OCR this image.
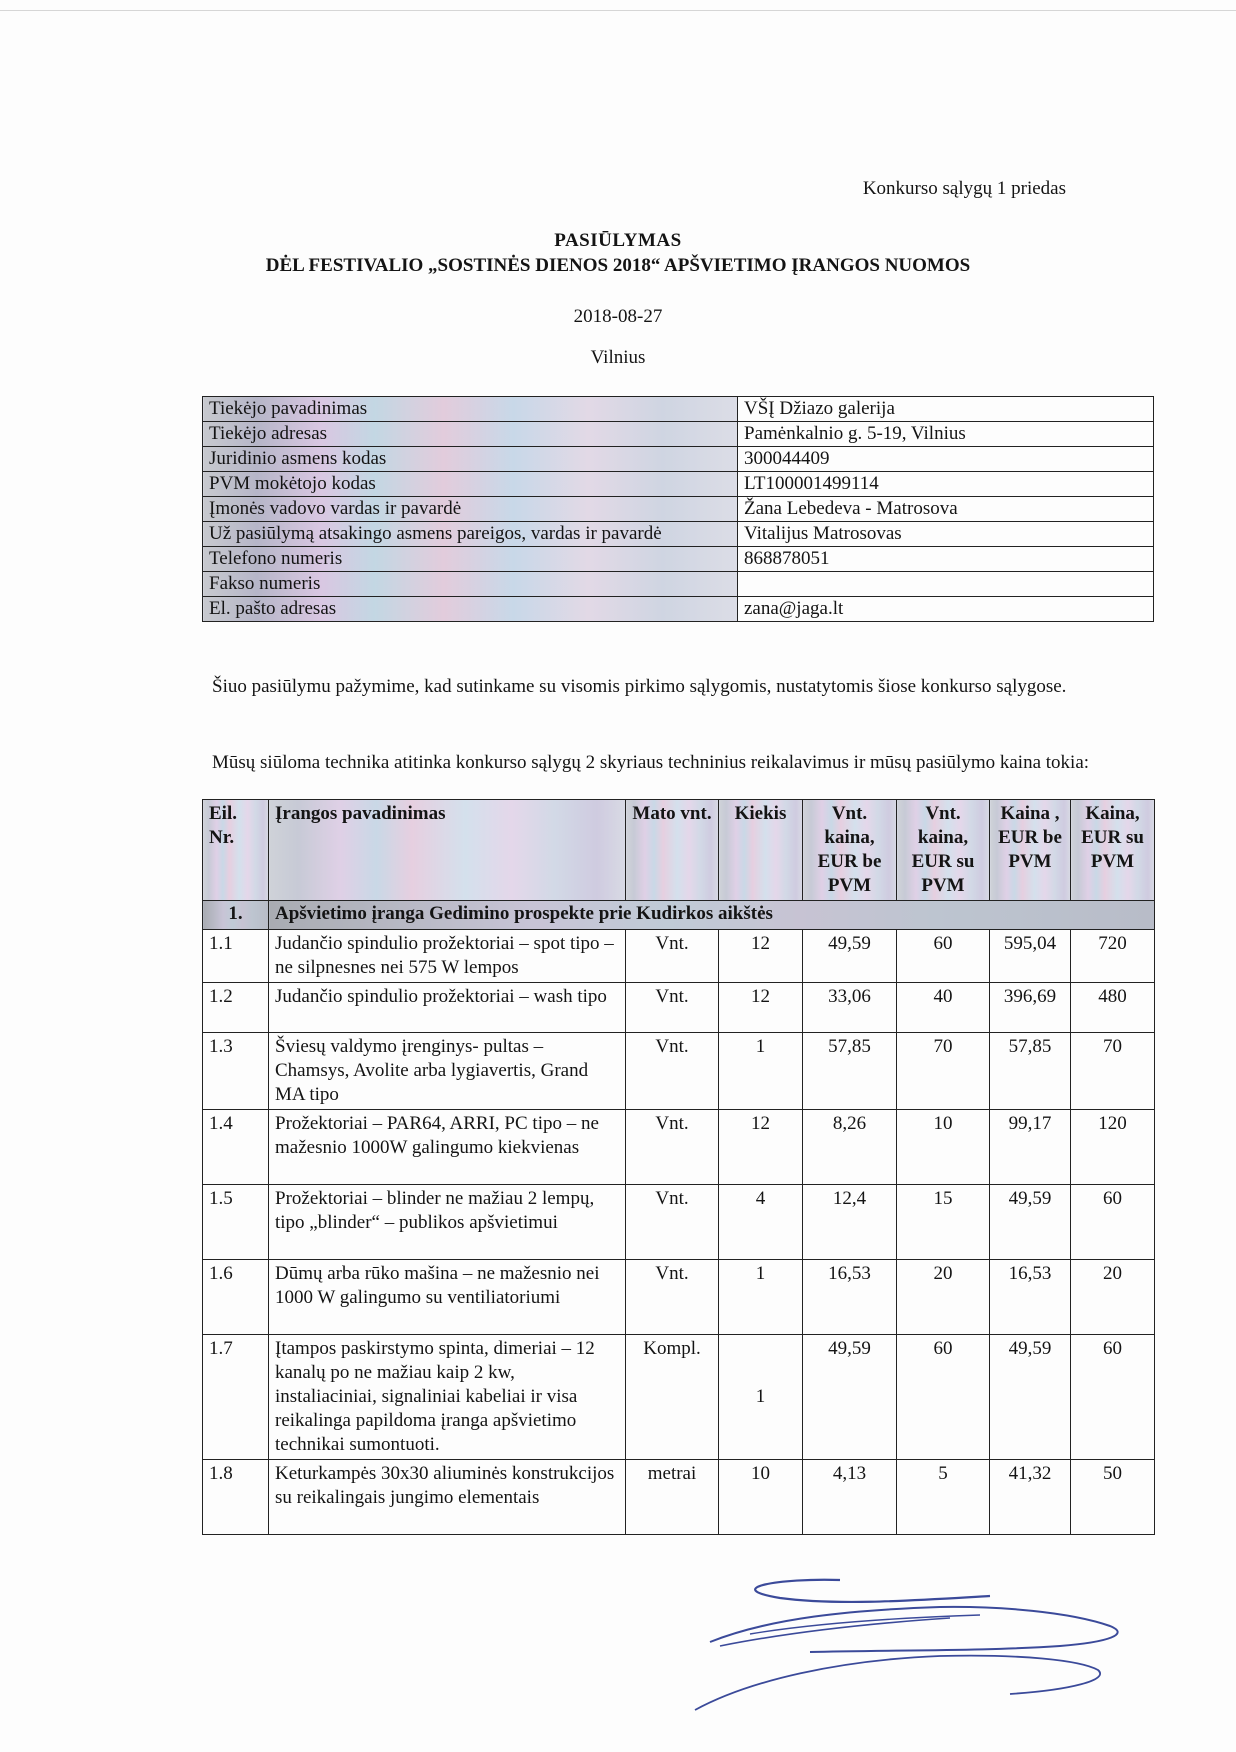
Konkurso sąlygų 1 priedas
PASIŪLYMAS
DĖL FESTIVALIO „SOSTINĖS DIENOS 2018“ APŠVIETIMO ĮRANGOS NUOMOS
2018-08-27
Vilnius
Tiekėjo pavadinimas	VŠĮ Džiazo galerija
Tiekėjo adresas	Pamėnkalnio g. 5-19, Vilnius
Juridinio asmens kodas	300044409
PVM mokėtojo kodas	LT100001499114
Įmonės vadovo vardas ir pavardė	Žana Lebedeva - Matrosova
Už pasiūlymą atsakingo asmens pareigos, vardas ir pavardė	Vitalijus Matrosovas
Telefono numeris	868878051
Fakso numeris	
El. pašto adresas	zana@jaga.lt

Šiuo pasiūlymu pažymime, kad sutinkame su visomis pirkimo sąlygomis, nustatytomis šiose konkurso sąlygose.

Mūsų siūloma technika atitinka konkurso sąlygų 2 skyriaus techninius reikalavimus ir mūsų pasiūlymo kaina tokia:

Eil. Nr.	Įrangos pavadinimas	Mato vnt.	Kiekis	Vnt. kaina, EUR be PVM	Vnt. kaina, EUR su PVM	Kaina , EUR be PVM	Kaina, EUR su PVM
1.	Apšvietimo įranga Gedimino prospekte prie Kudirkos aikštės						
1.1	Judančio spindulio prožektoriai – spot tipo – ne silpnesnes nei 575 W lempos	Vnt.	12	49,59	60	595,04	720
1.2	Judančio spindulio prožektoriai – wash tipo	Vnt.	12	33,06	40	396,69	480
1.3	Šviesų valdymo įrenginys- pultas – Chamsys, Avolite arba lygiavertis, Grand MA tipo	Vnt.	1	57,85	70	57,85	70
1.4	Prožektoriai – PAR64, ARRI, PC tipo – ne mažesnio 1000W galingumo kiekvienas	Vnt.	12	8,26	10	99,17	120
1.5	Prožektoriai – blinder ne mažiau 2 lempų, tipo „blinder“ – publikos apšvietimui	Vnt.	4	12,4	15	49,59	60
1.6	Dūmų arba rūko mašina – ne mažesnio nei 1000 W galingumo su ventiliatoriumi	Vnt.	1	16,53	20	16,53	20
1.7	Įtampos paskirstymo spinta, dimeriai – 12 kanalų po ne mažiau kaip 2 kw, instaliaciniai, signaliniai kabeliai ir visa reikalinga papildoma įranga apšvietimo technikai sumontuoti.	Kompl.	1	49,59	60	49,59	60
1.8	Keturkampės 30x30 aliuminės konstrukcijos su reikalingais jungimo elementais	metrai	10	4,13	5	41,32	50
